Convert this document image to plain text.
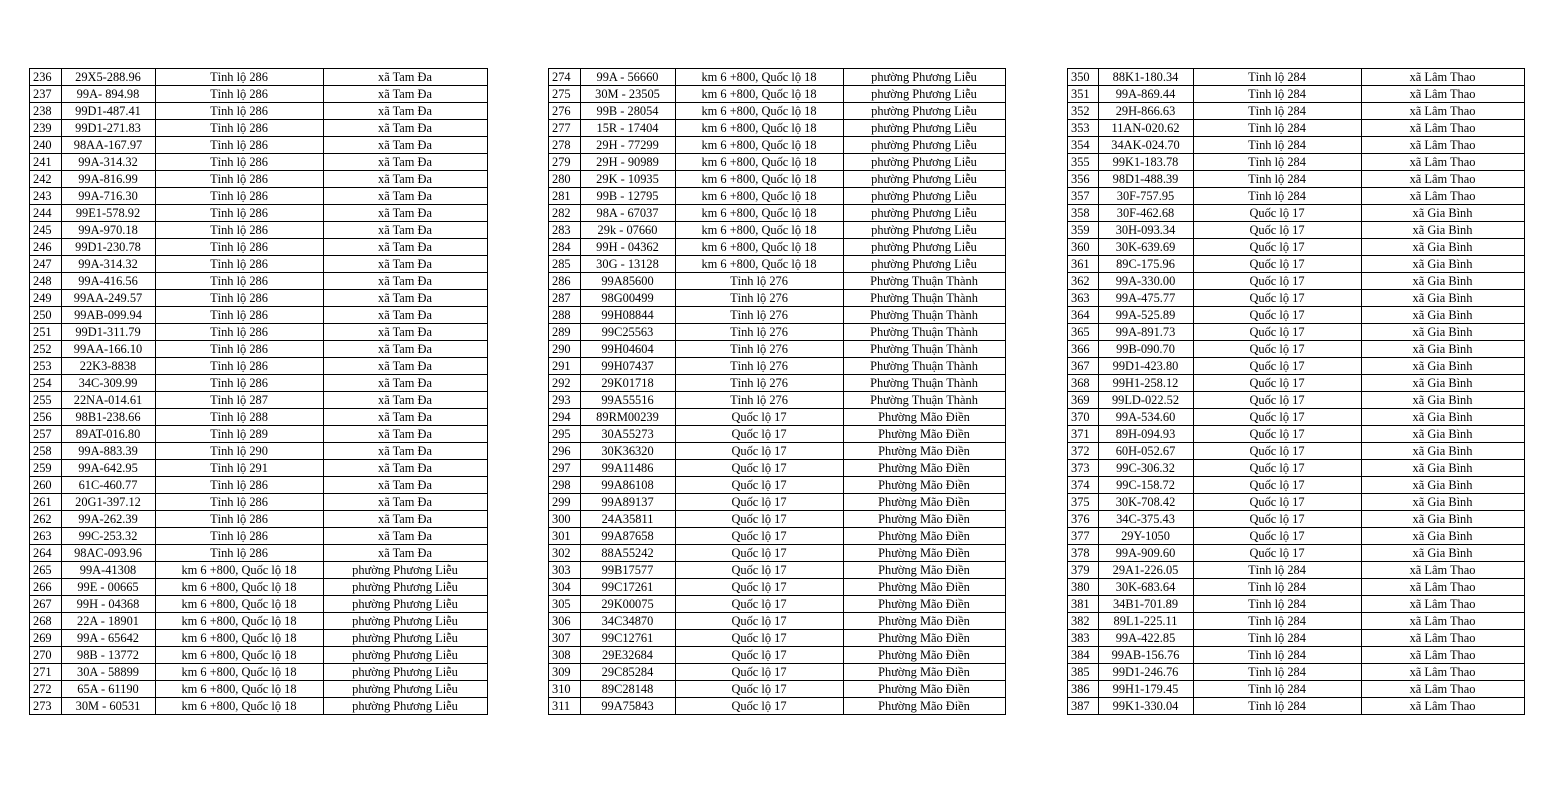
236	29X5-288.96	Tỉnh lộ 286	xã Tam Đa
237	99A- 894.98	Tỉnh lộ 286	xã Tam Đa
238	99D1-487.41	Tỉnh lộ 286	xã Tam Đa
239	99D1-271.83	Tỉnh lộ 286	xã Tam Đa
240	98AA-167.97	Tỉnh lộ 286	xã Tam Đa
241	99A-314.32	Tỉnh lộ 286	xã Tam Đa
242	99A-816.99	Tỉnh lộ 286	xã Tam Đa
243	99A-716.30	Tỉnh lộ 286	xã Tam Đa
244	99E1-578.92	Tỉnh lộ 286	xã Tam Đa
245	99A-970.18	Tỉnh lộ 286	xã Tam Đa
246	99D1-230.78	Tỉnh lộ 286	xã Tam Đa
247	99A-314.32	Tỉnh lộ 286	xã Tam Đa
248	99A-416.56	Tỉnh lộ 286	xã Tam Đa
249	99AA-249.57	Tỉnh lộ 286	xã Tam Đa
250	99AB-099.94	Tỉnh lộ 286	xã Tam Đa
251	99D1-311.79	Tỉnh lộ 286	xã Tam Đa
252	99AA-166.10	Tỉnh lộ 286	xã Tam Đa
253	22K3-8838	Tỉnh lộ 286	xã Tam Đa
254	34C-309.99	Tỉnh lộ 286	xã Tam Đa
255	22NA-014.61	Tỉnh lộ 287	xã Tam Đa
256	98B1-238.66	Tỉnh lộ 288	xã Tam Đa
257	89AT-016.80	Tỉnh lộ 289	xã Tam Đa
258	99A-883.39	Tỉnh lộ 290	xã Tam Đa
259	99A-642.95	Tỉnh lộ 291	xã Tam Đa
260	61C-460.77	Tỉnh lộ 286	xã Tam Đa
261	20G1-397.12	Tỉnh lộ 286	xã Tam Đa
262	99A-262.39	Tỉnh lộ 286	xã Tam Đa
263	99C-253.32	Tỉnh lộ 286	xã Tam Đa
264	98AC-093.96	Tỉnh lộ 286	xã Tam Đa
265	99A-41308	km 6 +800, Quốc lộ 18	phường Phương Liễu
266	99E - 00665	km 6 +800, Quốc lộ 18	phường Phương Liễu
267	99H - 04368	km 6 +800, Quốc lộ 18	phường Phương Liễu
268	22A - 18901	km 6 +800, Quốc lộ 18	phường Phương Liễu
269	99A - 65642	km 6 +800, Quốc lộ 18	phường Phương Liễu
270	98B - 13772	km 6 +800, Quốc lộ 18	phường Phương Liễu
271	30A - 58899	km 6 +800, Quốc lộ 18	phường Phương Liễu
272	65A - 61190	km 6 +800, Quốc lộ 18	phường Phương Liễu
273	30M - 60531	km 6 +800, Quốc lộ 18	phường Phương Liễu
274	99A - 56660	km 6 +800, Quốc lộ 18	phường Phương Liễu
275	30M - 23505	km 6 +800, Quốc lộ 18	phường Phương Liễu
276	99B - 28054	km 6 +800, Quốc lộ 18	phường Phương Liễu
277	15R - 17404	km 6 +800, Quốc lộ 18	phường Phương Liễu
278	29H - 77299	km 6 +800, Quốc lộ 18	phường Phương Liễu
279	29H - 90989	km 6 +800, Quốc lộ 18	phường Phương Liễu
280	29K - 10935	km 6 +800, Quốc lộ 18	phường Phương Liễu
281	99B - 12795	km 6 +800, Quốc lộ 18	phường Phương Liễu
282	98A - 67037	km 6 +800, Quốc lộ 18	phường Phương Liễu
283	29k - 07660	km 6 +800, Quốc lộ 18	phường Phương Liễu
284	99H - 04362	km 6 +800, Quốc lộ 18	phường Phương Liễu
285	30G - 13128	km 6 +800, Quốc lộ 18	phường Phương Liễu
286	99A85600	Tỉnh lộ 276	Phường Thuận Thành
287	98G00499	Tỉnh lộ 276	Phường Thuận Thành
288	99H08844	Tỉnh lộ 276	Phường Thuận Thành
289	99C25563	Tỉnh lộ 276	Phường Thuận Thành
290	99H04604	Tỉnh lộ 276	Phường Thuận Thành
291	99H07437	Tỉnh lộ 276	Phường Thuận Thành
292	29K01718	Tỉnh lộ 276	Phường Thuận Thành
293	99A55516	Tỉnh lộ 276	Phường Thuận Thành
294	89RM00239	Quốc lộ 17	Phường Mão Điền
295	30A55273	Quốc lộ 17	Phường Mão Điền
296	30K36320	Quốc lộ 17	Phường Mão Điền
297	99A11486	Quốc lộ 17	Phường Mão Điền
298	99A86108	Quốc lộ 17	Phường Mão Điền
299	99A89137	Quốc lộ 17	Phường Mão Điền
300	24A35811	Quốc lộ 17	Phường Mão Điền
301	99A87658	Quốc lộ 17	Phường Mão Điền
302	88A55242	Quốc lộ 17	Phường Mão Điền
303	99B17577	Quốc lộ 17	Phường Mão Điền
304	99C17261	Quốc lộ 17	Phường Mão Điền
305	29K00075	Quốc lộ 17	Phường Mão Điền
306	34C34870	Quốc lộ 17	Phường Mão Điền
307	99C12761	Quốc lộ 17	Phường Mão Điền
308	29E32684	Quốc lộ 17	Phường Mão Điền
309	29C85284	Quốc lộ 17	Phường Mão Điền
310	89C28148	Quốc lộ 17	Phường Mão Điền
311	99A75843	Quốc lộ 17	Phường Mão Điền
350	88K1-180.34	Tỉnh lộ 284	xã Lâm Thao
351	99A-869.44	Tỉnh lộ 284	xã Lâm Thao
352	29H-866.63	Tỉnh lộ 284	xã Lâm Thao
353	11AN-020.62	Tỉnh lộ 284	xã Lâm Thao
354	34AK-024.70	Tỉnh lộ 284	xã Lâm Thao
355	99K1-183.78	Tỉnh lộ 284	xã Lâm Thao
356	98D1-488.39	Tỉnh lộ 284	xã Lâm Thao
357	30F-757.95	Tỉnh lộ 284	xã Lâm Thao
358	30F-462.68	Quốc lộ 17	xã Gia Bình
359	30H-093.34	Quốc lộ 17	xã Gia Bình
360	30K-639.69	Quốc lộ 17	xã Gia Bình
361	89C-175.96	Quốc lộ 17	xã Gia Bình
362	99A-330.00	Quốc lộ 17	xã Gia Bình
363	99A-475.77	Quốc lộ 17	xã Gia Bình
364	99A-525.89	Quốc lộ 17	xã Gia Bình
365	99A-891.73	Quốc lộ 17	xã Gia Bình
366	99B-090.70	Quốc lộ 17	xã Gia Bình
367	99D1-423.80	Quốc lộ 17	xã Gia Bình
368	99H1-258.12	Quốc lộ 17	xã Gia Bình
369	99LD-022.52	Quốc lộ 17	xã Gia Bình
370	99A-534.60	Quốc lộ 17	xã Gia Bình
371	89H-094.93	Quốc lộ 17	xã Gia Bình
372	60H-052.67	Quốc lộ 17	xã Gia Bình
373	99C-306.32	Quốc lộ 17	xã Gia Bình
374	99C-158.72	Quốc lộ 17	xã Gia Bình
375	30K-708.42	Quốc lộ 17	xã Gia Bình
376	34C-375.43	Quốc lộ 17	xã Gia Bình
377	29Y-1050	Quốc lộ 17	xã Gia Bình
378	99A-909.60	Quốc lộ 17	xã Gia Bình
379	29A1-226.05	Tỉnh lộ 284	xã Lâm Thao
380	30K-683.64	Tỉnh lộ 284	xã Lâm Thao
381	34B1-701.89	Tỉnh lộ 284	xã Lâm Thao
382	89L1-225.11	Tỉnh lộ 284	xã Lâm Thao
383	99A-422.85	Tỉnh lộ 284	xã Lâm Thao
384	99AB-156.76	Tỉnh lộ 284	xã Lâm Thao
385	99D1-246.76	Tỉnh lộ 284	xã Lâm Thao
386	99H1-179.45	Tỉnh lộ 284	xã Lâm Thao
387	99K1-330.04	Tỉnh lộ 284	xã Lâm Thao
